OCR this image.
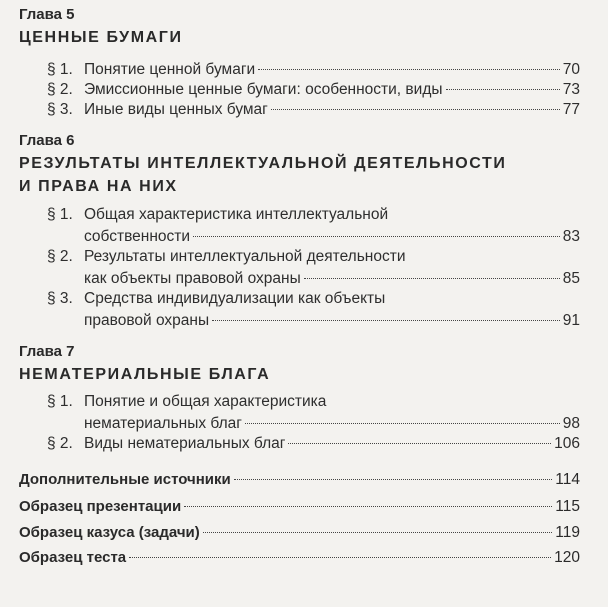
Глава 5
ЦЕННЫЕ БУМАГИ
§ 1. Понятие ценной бумаги	70
§ 2. Эмиссионные ценные бумаги: особенности, виды	73
§ 3. Иные виды ценных бумаг	77
Глава 6
РЕЗУЛЬТАТЫ ИНТЕЛЛЕКТУАЛЬНОЙ ДЕЯТЕЛЬНОСТИ
И ПРАВА НА НИХ
§ 1. Общая характеристика интеллектуальной
собственности	83
§ 2. Результаты интеллектуальной деятельности
как объекты правовой охраны	85
§ 3. Средства индивидуализации как объекты
правовой охраны	91
Глава 7
НЕМАТЕРИАЛЬНЫЕ БЛАГА
§ 1. Понятие и общая характеристика
нематериальных благ	98
§ 2. Виды нематериальных благ	106
Дополнительные источники	114
Образец презентации	115
Образец казуса (задачи)	119
Образец теста	120
